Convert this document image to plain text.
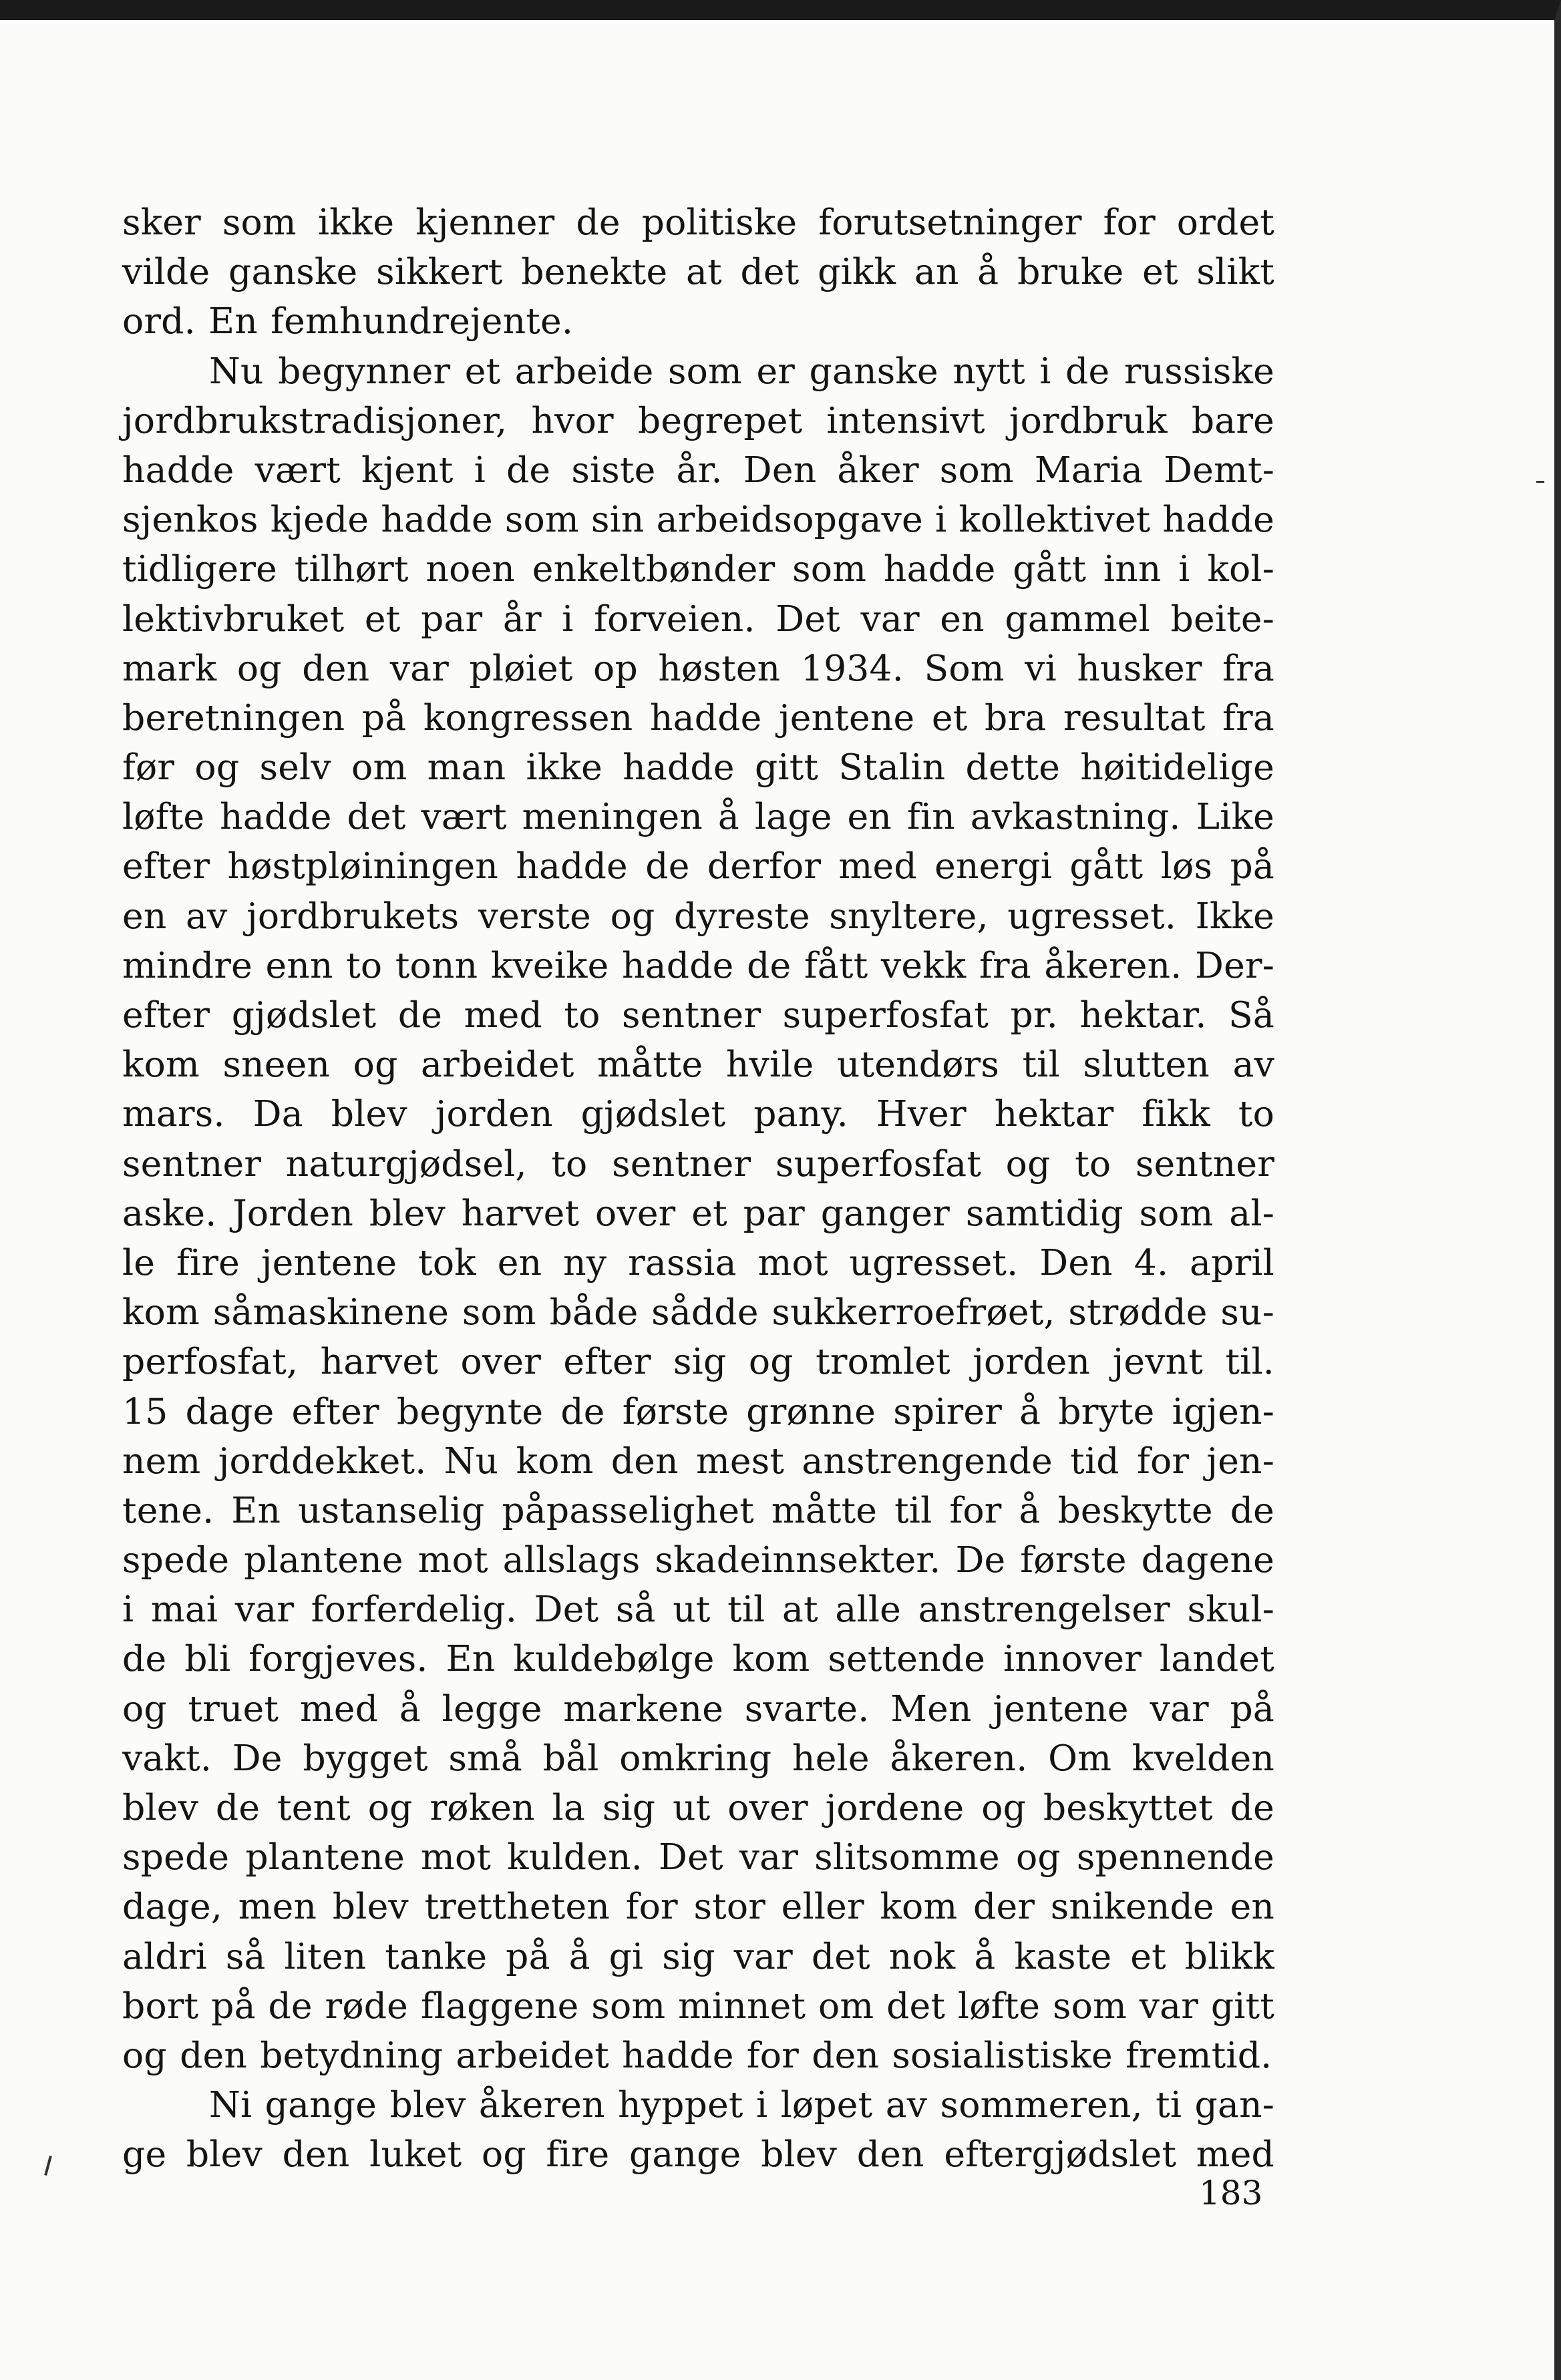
sker som ikke kjenner de politiske forutsetninger for ordet
vilde ganske sikkert benekte at det gikk an å bruke et slikt
ord. En femhundrejente.
Nu begynner et arbeide som er ganske nytt i de russiske
jordbrukstradisjoner, hvor begrepet intensivt jordbruk bare
hadde vært kjent i de siste år. Den åker som Maria Demt-
sjenkos kjede hadde som sin arbeidsopgave i kollektivet hadde
tidligere tilhørt noen enkeltbønder som hadde gått inn i kol-
lektivbruket et par år i forveien. Det var en gammel beite-
mark og den var pløiet op høsten 1934. Som vi husker fra
beretningen på kongressen hadde jentene et bra resultat fra
før og selv om man ikke hadde gitt Stalin dette høitidelige
løfte hadde det vært meningen å lage en fin avkastning. Like
efter høstpløiningen hadde de derfor med energi gått løs på
en av jordbrukets verste og dyreste snyltere, ugresset. Ikke
mindre enn to tonn kveike hadde de fått vekk fra åkeren. Der-
efter gjødslet de med to sentner superfosfat pr. hektar. Så
kom sneen og arbeidet måtte hvile utendørs til slutten av
mars. Da blev jorden gjødslet pany. Hver hektar fikk to
sentner naturgjødsel, to sentner superfosfat og to sentner
aske. Jorden blev harvet over et par ganger samtidig som al-
le fire jentene tok en ny rassia mot ugresset. Den 4. april
kom såmaskinene som både sådde sukkerroefrøet, strødde su-
perfosfat, harvet over efter sig og tromlet jorden jevnt til.
15 dage efter begynte de første grønne spirer å bryte igjen-
nem jorddekket. Nu kom den mest anstrengende tid for jen-
tene. En ustanselig påpasselighet måtte til for å beskytte de
spede plantene mot allslags skadeinnsekter. De første dagene
i mai var forferdelig. Det så ut til at alle anstrengelser skul-
de bli forgjeves. En kuldebølge kom settende innover landet
og truet med å legge markene svarte. Men jentene var på
vakt. De bygget små bål omkring hele åkeren. Om kvelden
blev de tent og røken la sig ut over jordene og beskyttet de
spede plantene mot kulden. Det var slitsomme og spennende
dage, men blev trettheten for stor eller kom der snikende en
aldri så liten tanke på å gi sig var det nok å kaste et blikk
bort på de røde flaggene som minnet om det løfte som var gitt
og den betydning arbeidet hadde for den sosialistiske fremtid.
Ni gange blev åkeren hyppet i løpet av sommeren, ti gan-
ge blev den luket og fire gange blev den eftergjødslet med
183
